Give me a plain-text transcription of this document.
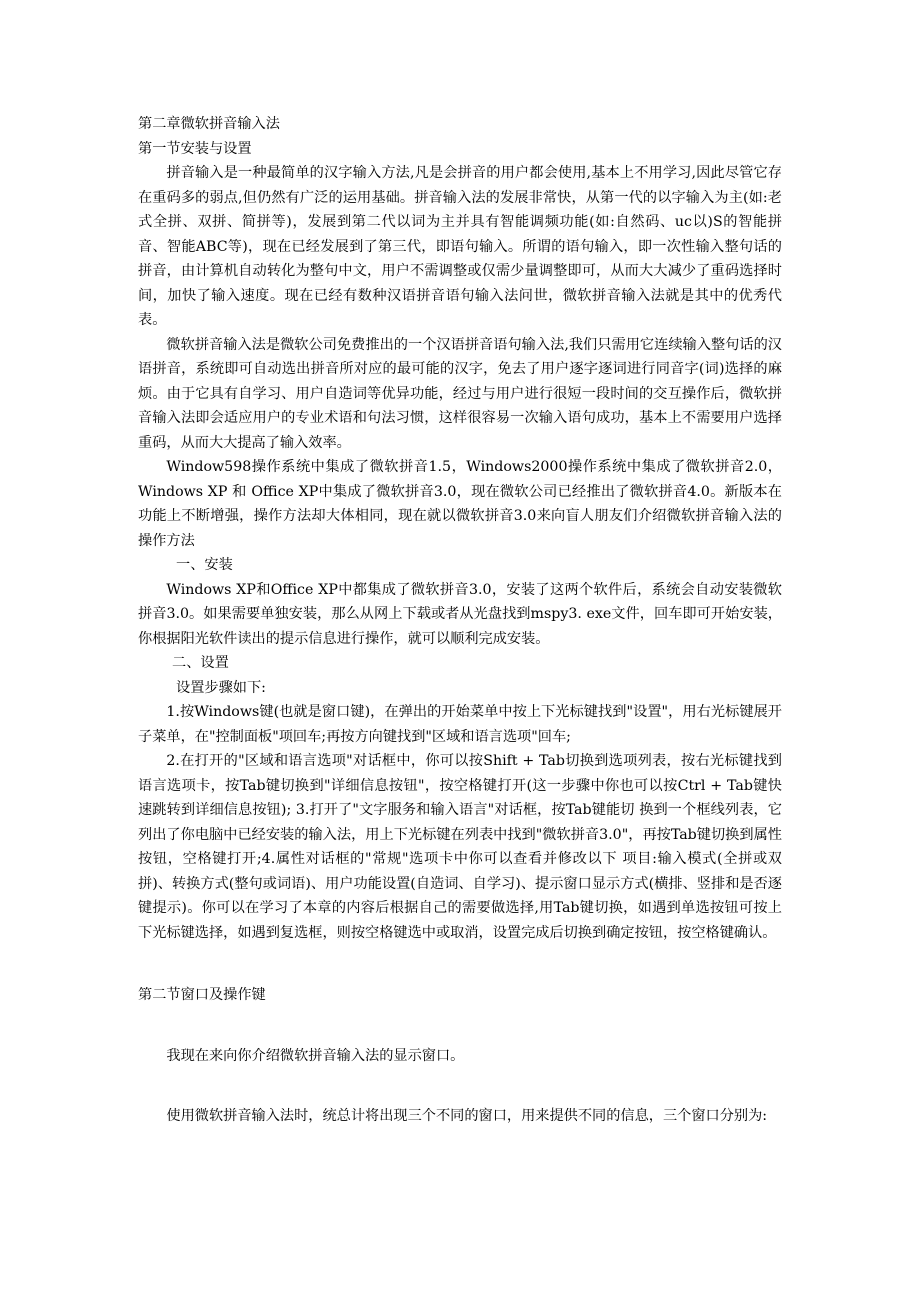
第二章微软拼音输入法

第一节安装与设置

拼音输入是一种最简单的汉字输入方法,凡是会拼音的用户都会使用,基本上不用学习,因此尽管它存在重码多的弱点,但仍然有广泛的运用基础。拼音输入法的发展非常快，从第一代的以字输入为主(如:老式全拼、双拼、简拼等)，发展到第二代以词为主并具有智能调频功能(如:自然码、uc以)S的智能拼音、智能ABC等)，现在已经发展到了第三代，即语句输入。所谓的语句输入，即一次性输入整句话的拼音，由计算机自动转化为整句中文，用户不需调整或仅需少量调整即可，从而大大减少了重码选择时间，加快了输入速度。现在已经有数种汉语拼音语句输入法问世，微软拼音输入法就是其中的优秀代表。

微软拼音输入法是微软公司免费推出的一个汉语拼音语句输入法,我们只需用它连续输入整句话的汉语拼音，系统即可自动选出拼音所对应的最可能的汉字，免去了用户逐字逐词进行同音字(词)选择的麻烦。由于它具有自学习、用户自造词等优异功能，经过与用户进行很短一段时间的交互操作后，微软拼音输入法即会适应用户的专业术语和句法习惯，这样很容易一次输入语句成功，基本上不需要用户选择重码，从而大大提高了输入效率。

Window598操作系统中集成了微软拼音1.5，Windows2000操作系统中集成了微软拼音2.0， Windows XP 和 Office XP中集成了微软拼音3.0，现在微软公司已经推出了微软拼音4.0。新版本在功能上不断增强，操作方法却大体相同，现在就以微软拼音3.0来向盲人朋友们介绍微软拼音输入法的操作方法

一、安装

Windows XP和Office XP中都集成了微软拼音3.0，安装了这两个软件后，系统会自动安装微软拼音3.0。如果需要单独安装，那么从网上下载或者从光盘找到mspy3. exe文件，回车即可开始安装，你根据阳光软件读出的提示信息进行操作，就可以顺利完成安装。

二、设置

设置步骤如下:

1.按Windows键(也就是窗口键)，在弹出的开始菜单中按上下光标键找到"设置"，用右光标键展开子菜单，在"控制面板"项回车;再按方向键找到"区域和语言选项"回车;

2.在打开的"区域和语言选项"对话框中，你可以按Shift + Tab切换到选项列表，按右光标键找到语言选项卡，按Tab键切换到"详细信息按钮"，按空格键打开(这一步骤中你也可以按Ctrl + Tab键快速跳转到详细信息按钮); 3.打开了"文字服务和输入语言"对话框，按Tab键能切 换到一个框线列表，它列出了你电脑中已经安装的输入法，用上下光标键在列表中找到"微软拼音3.0"，再按Tab键切换到属性按钮，空格键打开;4.属性对话框的"常规"选项卡中你可以查看并修改以下 项目:输入模式(全拼或双拼)、转换方式(整句或词语)、用户功能设置(自造词、自学习)、提示窗口显示方式(横排、竖排和是否逐键提示)。你可以在学习了本章的内容后根据自己的需要做选择,用Tab键切换，如遇到单选按钮可按上下光标键选择，如遇到复选框，则按空格键选中或取消，设置完成后切换到确定按钮，按空格键确认。

第二节窗口及操作键

我现在来向你介绍微软拼音输入法的显示窗口。

使用微软拼音输入法时，统总计将出现三个不同的窗口，用来提供不同的信息，三个窗口分别为:
